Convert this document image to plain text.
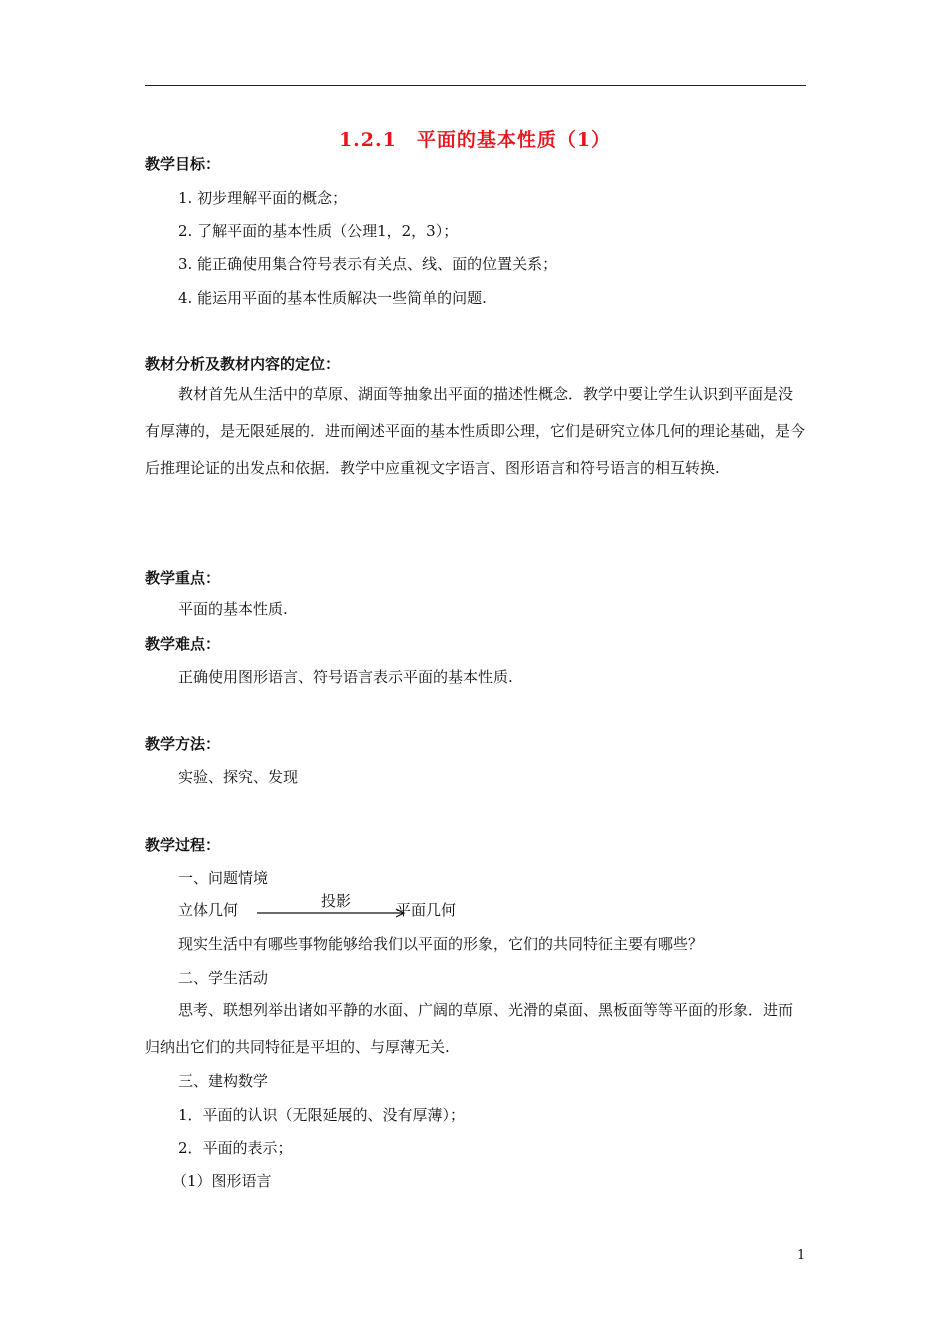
1.2.1　平面的基本性质（1）
教学目标：
1. 初步理解平面的概念；
2. 了解平面的基本性质（公理1，2，3）；
3. 能正确使用集合符号表示有关点、线、面的位置关系；
4. 能运用平面的基本性质解决一些简单的问题.
教材分析及教材内容的定位：
教材首先从生活中的草原、湖面等抽象出平面的描述性概念．教学中要让学生认识到平面是没有厚薄的，是无限延展的．进而阐述平面的基本性质即公理，它们是研究立体几何的理论基础，是今后推理论证的出发点和依据．教学中应重视文字语言、图形语言和符号语言的相互转换.
教学重点：
平面的基本性质.
教学难点：
正确使用图形语言、符号语言表示平面的基本性质.
教学方法：
实验、探究、发现
教学过程：
一、问题情境
立体几何	投影	平面几何
现实生活中有哪些事物能够给我们以平面的形象，它们的共同特征主要有哪些？
二、学生活动
思考、联想列举出诸如平静的水面、广阔的草原、光滑的桌面、黑板面等等平面的形象．进而归纳出它们的共同特征是平坦的、与厚薄无关.
三、建构数学
1．平面的认识（无限延展的、没有厚薄）；
2．平面的表示；
（1）图形语言
1
